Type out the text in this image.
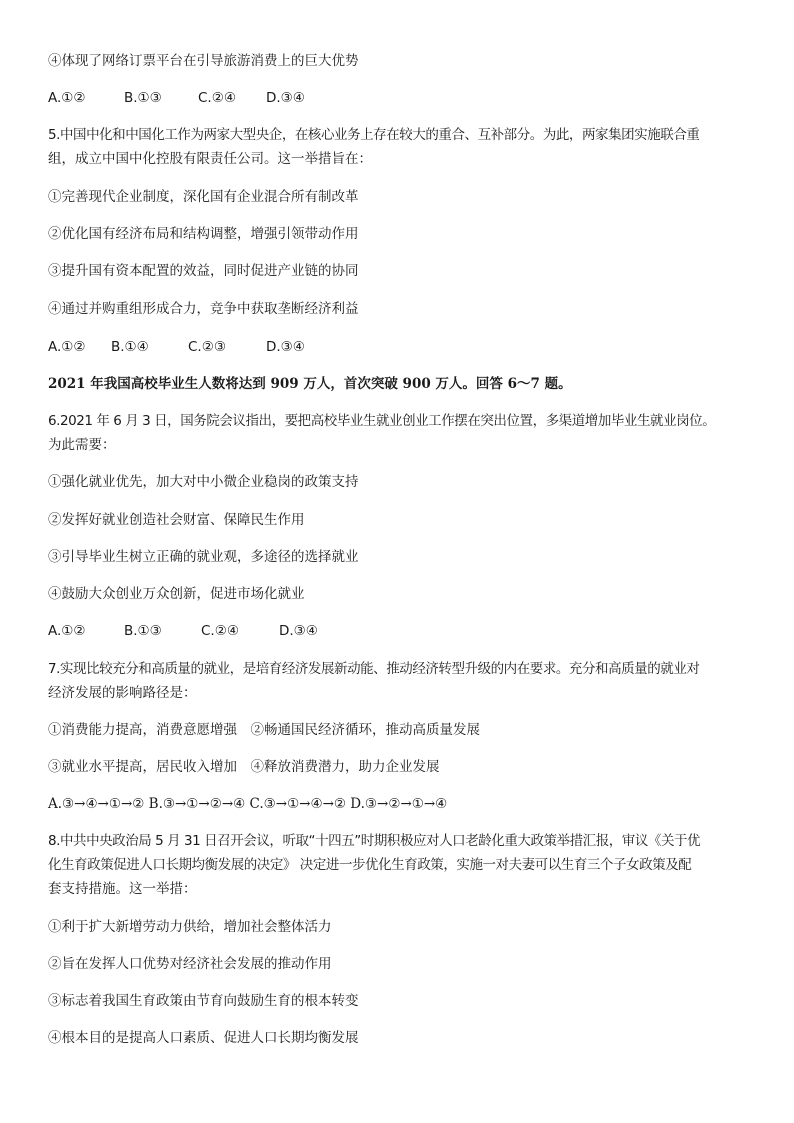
④体现了网络订票平台在引导旅游消费上的巨大优势
A.①②	B.①③	C.②④ D.③④
5.中国中化和中国化工作为两家大型央企，在核心业务上存在较大的重合、互补部分。为此，两家集团实施联合重
组，成立中国中化控股有限责任公司。这一举措旨在：
①完善现代企业制度，深化国有企业混合所有制改革
②优化国有经济布局和结构调整，增强引领带动作用
③提升国有资本配置的效益，同时促进产业链的协同
④通过并购重组形成合力，竞争中获取垄断经济利益
A.①② B.①④	C.②③	D.③④
2021 年我国高校毕业生人数将达到 909 万人，首次突破 900 万人。回答 6～7 题。
6.2021 年 6 月 3 日，国务院会议指出，要把高校毕业生就业创业工作摆在突出位置，多渠道增加毕业生就业岗位。
为此需要：
①强化就业优先，加大对中小微企业稳岗的政策支持
②发挥好就业创造社会财富、保障民生作用
③引导毕业生树立正确的就业观，多途径的选择就业
④鼓励大众创业万众创新，促进市场化就业
A.①②	B.①③	C.②④	D.③④
7.实现比较充分和高质量的就业，是培育经济发展新动能、推动经济转型升级的内在要求。充分和高质量的就业对
经济发展的影响路径是：
①消费能力提高，消费意愿增强　②畅通国民经济循环，推动高质量发展
③就业水平提高，居民收入增加　④释放消费潜力，助力企业发展
A.③→④→①→② B.③→①→②→④ C.③→①→④→② D.③→②→①→④
8.中共中央政治局 5 月 31 日召开会议，听取“十四五”时期积极应对人口老龄化重大政策举措汇报，审议《关于优
化生育政策促进人口长期均衡发展的决定》 决定进一步优化生育政策，实施一对夫妻可以生育三个子女政策及配
套支持措施。这一举措：
①利于扩大新增劳动力供给，增加社会整体活力
②旨在发挥人口优势对经济社会发展的推动作用
③标志着我国生育政策由节育向鼓励生育的根本转变
④根本目的是提高人口素质、促进人口长期均衡发展
